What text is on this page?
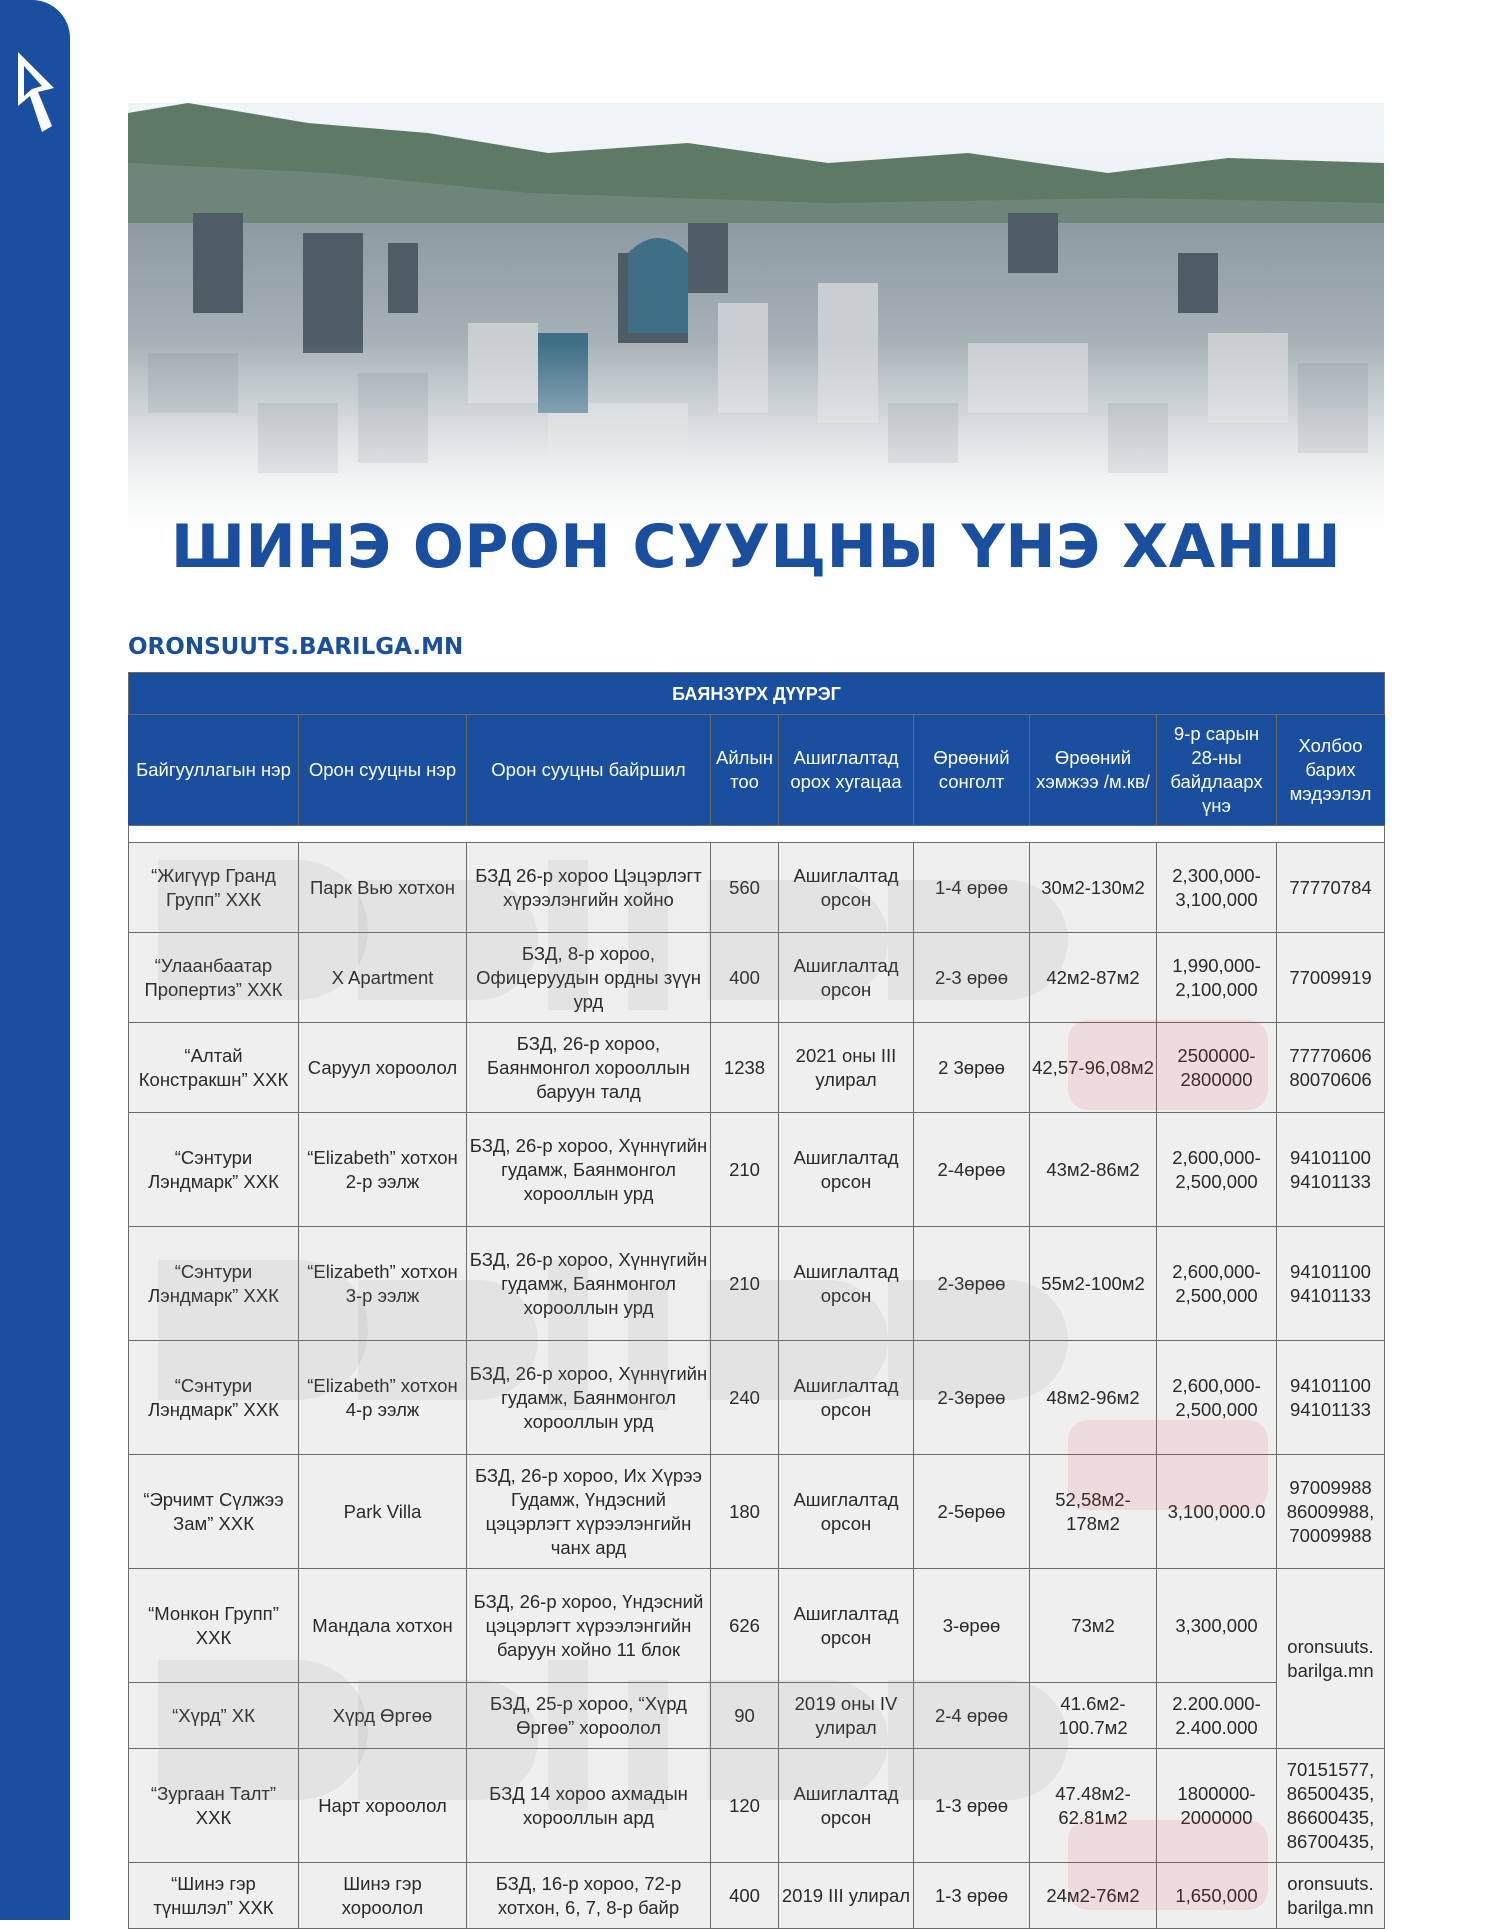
ШИНЭ ОРОН СУУЦНЫ ҮНЭ ХАНШ
ORONSUUTS.BARILGA.MN
БАЯНЗҮРХ ДҮҮРЭГ								
Байгууллагын нэр	Орон сууцны нэр	Орон сууцны байршил	Айлын тоо	Ашиглалтад орох хугацаа	Өрөөний сонголт	Өрөөний хэмжээ /м.кв/	9-р сарын 28-ны байдлаарх үнэ	Холбоо барих мэдээлэл

“Жигүүр Гранд Групп” ХХК	Парк Вью хотхон	БЗД 26-р хороо Цэцэрлэгт хүрээлэнгийн хойно	560	Ашиглалтад орсон	1-4 өрөө	30м2-130м2	2,300,000-3,100,000	77770784
“Улаанбаатар Пропертиз” ХХК	X Apartment	БЗД, 8-р хороо, Офицеруудын ордны зүүн урд	400	Ашиглалтад орсон	2-3 өрөө	42м2-87м2	1,990,000-2,100,000	77009919
“Алтай Констракшн” ХХК	Саруул хороолол	БЗД, 26-р хороо, Баянмонгол хорооллын баруун талд	1238	2021 оны III улирал	2 3өрөө	42,57-96,08м2	2500000-2800000	77770606 80070606
“Сэнтури Лэндмарк” ХХК	“Elizabeth” хотхон 2-р ээлж	БЗД, 26-р хороо, Хүннүгийн гудамж, Баянмонгол хорооллын урд	210	Ашиглалтад орсон	2-4өрөө	43м2-86м2	2,600,000-2,500,000	94101100 94101133
“Сэнтури Лэндмарк” ХХК	“Elizabeth” хотхон 3-р ээлж	БЗД, 26-р хороо, Хүннүгийн гудамж, Баянмонгол хорооллын урд	210	Ашиглалтад орсон	2-3өрөө	55м2-100м2	2,600,000-2,500,000	94101100 94101133
“Сэнтури Лэндмарк” ХХК	“Elizabeth” хотхон 4-р ээлж	БЗД, 26-р хороо, Хүннүгийн гудамж, Баянмонгол хорооллын урд	240	Ашиглалтад орсон	2-3өрөө	48м2-96м2	2,600,000-2,500,000	94101100 94101133
“Эрчимт Сүлжээ Зам” ХХК	Park Villa	БЗД, 26-р хороо, Их Хүрээ Гудамж, Үндэсний цэцэрлэгт хүрээлэнгийн чанх ард	180	Ашиглалтад орсон	2-5өрөө	52,58м2-178м2	3,100,000.0	97009988 86009988, 70009988
“Монкон Групп” ХХК	Мандала хотхон	БЗД, 26-р хороо, Үндэсний цэцэрлэгт хүрээлэнгийн баруун хойно 11 блок	626	Ашиглалтад орсон	3-өрөө	73м2	3,300,000	oronsuuts. barilga.mn
“Хүрд” ХК	Хүрд Өргөө	БЗД, 25-р хороо, “Хүрд Өргөө” хороолол	90	2019 оны IV улирал	2-4 өрөө	41.6м2-100.7м2	2.200.000-2.400.000	
“Зургаан Талт” ХХК	Нарт хороолол	БЗД 14 хороо ахмадын хорооллын ард	120	Ашиглалтад орсон	1-3 өрөө	47.48м2-62.81м2	1800000-2000000	70151577, 86500435, 86600435, 86700435,
“Шинэ гэр түншлэл” ХХК	Шинэ гэр хороолол	БЗД, 16-р хороо, 72-р хотхон, 6, 7, 8-р байр	400	2019 III улирал	1-3 өрөө	24м2-76м2	1,650,000	oronsuuts. barilga.mn
